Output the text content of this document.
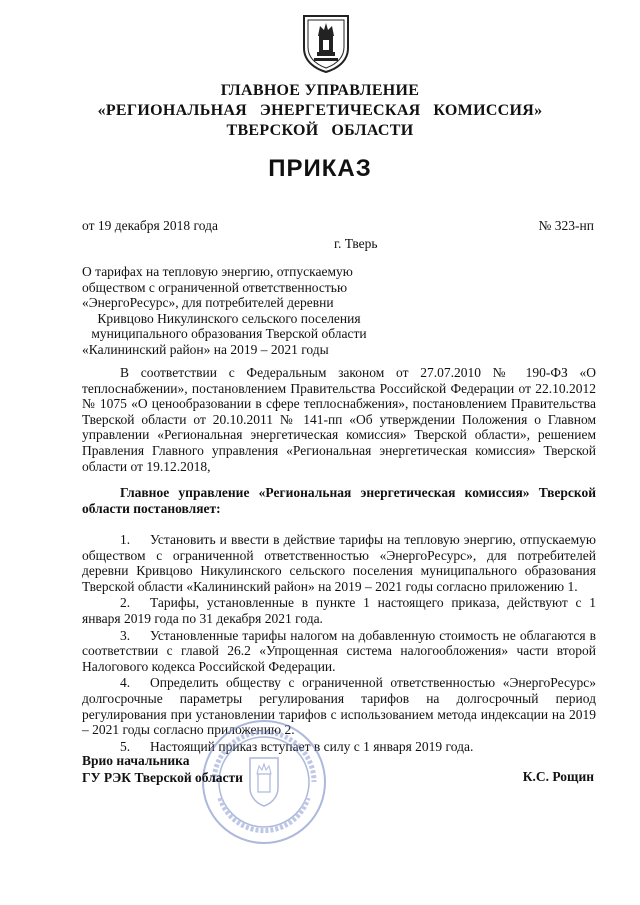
ГЛАВНОЕ УПРАВЛЕНИЕ
«РЕГИОНАЛЬНАЯ   ЭНЕРГЕТИЧЕСКАЯ   КОМИССИЯ»
ТВЕРСКОЙ   ОБЛАСТИ
ПРИКАЗ
от 19 декабря 2018 года	№ 323-нп
г. Тверь
О тарифах на тепловую энергию, отпускаемую
обществом с ограниченной ответственностью
«ЭнергоРесурс», для потребителей деревни
Кривцово Никулинского сельского поселения
муниципального образования Тверской области
«Калининский район» на 2019 – 2021 годы
В соответствии с Федеральным законом от 27.07.2010 № 190-ФЗ «О теплоснабжении», постановлением Правительства Российской Федерации от 22.10.2012 № 1075 «О ценообразовании в сфере теплоснабжения», постановлением Правительства Тверской области от 20.10.2011 № 141-пп «Об утверждении Положения о Главном управлении «Региональная энергетическая комиссия» Тверской области», решением Правления Главного управления «Региональная энергетическая комиссия» Тверской области от 19.12.2018,
Главное управление «Региональная энергетическая комиссия» Тверской области постановляет:

1. Установить и ввести в действие тарифы на тепловую энергию, отпускаемую обществом с ограниченной ответственностью «ЭнергоРесурс», для потребителей деревни Кривцово Никулинского сельского поселения муниципального образования Тверской области «Калининский район» на 2019 – 2021 годы согласно приложению 1.

2. Тарифы, установленные в пункте 1 настоящего приказа, действуют с 1 января 2019 года по 31 декабря 2021 года.

3. Установленные тарифы налогом на добавленную стоимость не облагаются в соответствии с главой 26.2 «Упрощенная система налогообложения» части второй Налогового кодекса Российской Федерации.

4. Определить обществу с ограниченной ответственностью «ЭнергоРесурс» долгосрочные параметры регулирования тарифов на долгосрочный период регулирования при установлении тарифов с использованием метода индексации на 2019 – 2021 годы согласно приложению 2.

5. Настоящий приказ вступает в силу с 1 января 2019 года.

Врио начальника
ГУ РЭК Тверской области	К.С. Рощин
